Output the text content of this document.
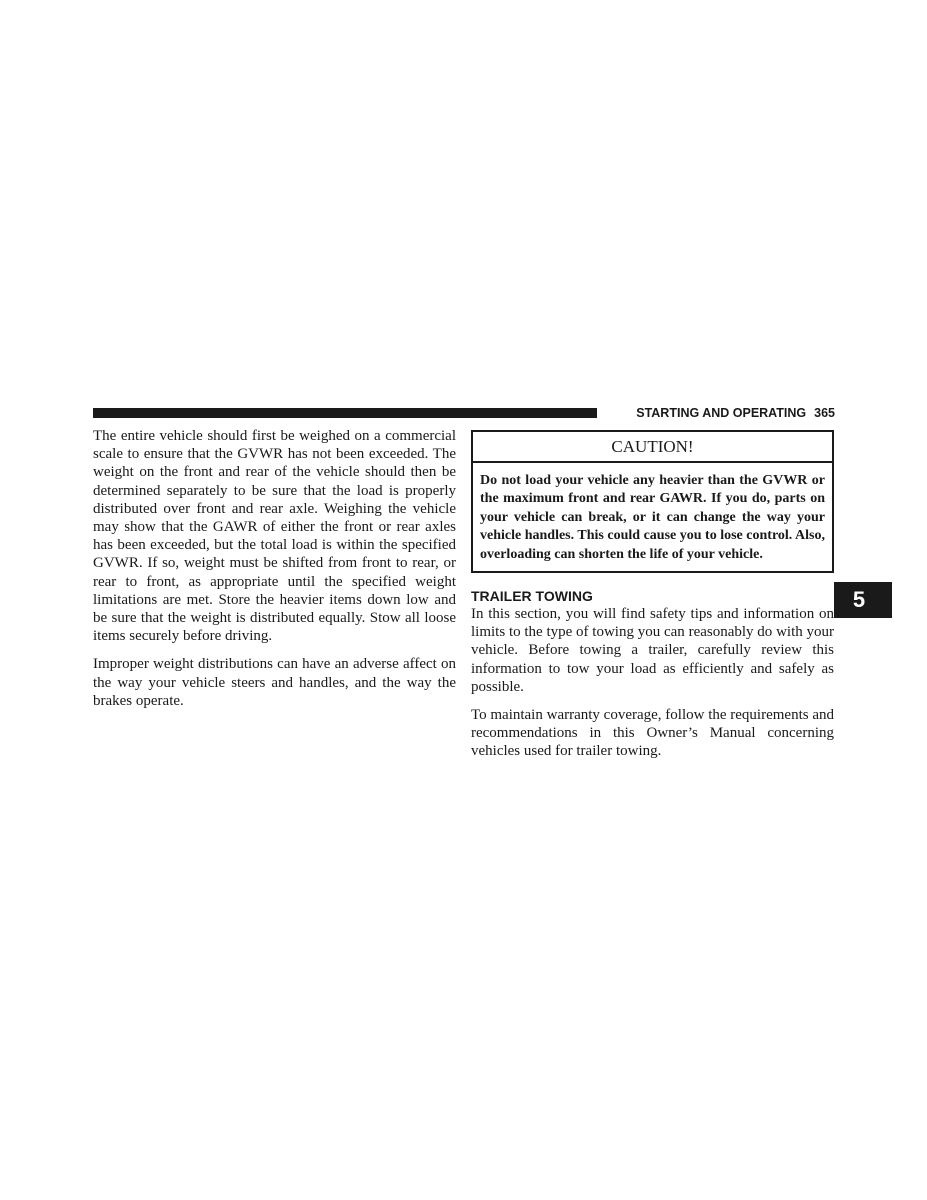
STARTING AND OPERATING 365

The entire vehicle should first be weighed on a commercial scale to ensure that the GVWR has not been exceeded. The weight on the front and rear of the vehicle should then be determined separately to be sure that the load is properly distributed over front and rear axle. Weighing the vehicle may show that the GAWR of either the front or rear axles has been exceeded, but the total load is within the specified GVWR. If so, weight must be shifted from front to rear, or rear to front, as appropriate until the specified weight limitations are met. Store the heavier items down low and be sure that the weight is distributed equally. Stow all loose items securely before driving.

Improper weight distributions can have an adverse affect on the way your vehicle steers and handles, and the way the brakes operate.

CAUTION!
Do not load your vehicle any heavier than the GVWR or the maximum front and rear GAWR. If you do, parts on your vehicle can break, or it can change the way your vehicle handles. This could cause you to lose control. Also, overloading can shorten the life of your vehicle.
TRAILER TOWING

In this section, you will find safety tips and information on limits to the type of towing you can reasonably do with your vehicle. Before towing a trailer, carefully review this information to tow your load as efficiently and safely as possible.

To maintain warranty coverage, follow the requirements and recommendations in this Owner’s Manual concerning vehicles used for trailer towing.

5
